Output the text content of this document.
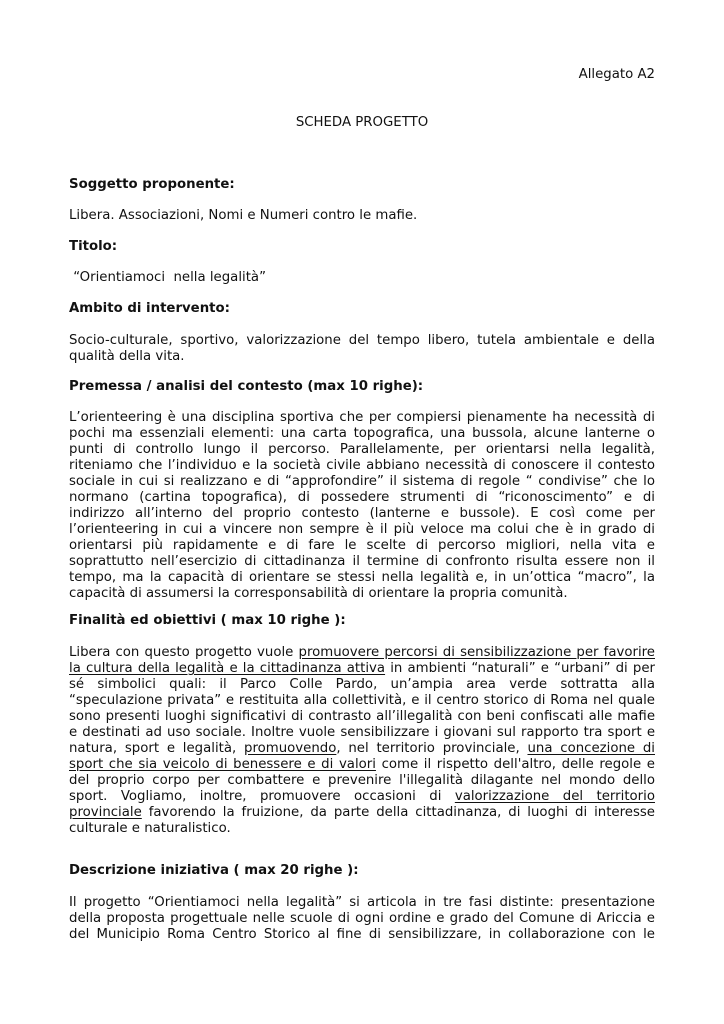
Allegato A2
SCHEDA PROGETTO
Soggetto proponente:
Libera. Associazioni, Nomi e Numeri contro le mafie.
Titolo:
“Orientiamoci  nella legalità”
Ambito di intervento:
Socio-culturale, sportivo, valorizzazione del tempo libero, tutela ambientale e della
qualità della vita.
Premessa / analisi del contesto (max 10 righe):
L’orienteering è una disciplina sportiva che per compiersi pienamente ha necessità di
pochi ma essenziali elementi: una carta topografica, una bussola, alcune lanterne o
punti di controllo lungo il percorso. Parallelamente, per orientarsi nella legalità,
riteniamo che l’individuo e la società civile abbiano necessità di conoscere il contesto
sociale in cui si realizzano e di “approfondire” il sistema di regole “ condivise” che lo
normano (cartina topografica), di possedere strumenti di “riconoscimento” e di
indirizzo all’interno del proprio contesto (lanterne e bussole). E così come per
l’orienteering in cui a vincere non sempre è il più veloce ma colui che è in grado di
orientarsi più rapidamente e di fare le scelte di percorso migliori, nella vita e
soprattutto nell’esercizio di cittadinanza il termine di confronto risulta essere non il
tempo, ma la capacità di orientare se stessi nella legalità e, in un’ottica “macro”, la
capacità di assumersi la corresponsabilità di orientare la propria comunità.
Finalità ed obiettivi ( max 10 righe ):
Libera con questo progetto vuole promuovere percorsi di sensibilizzazione per favorire
la cultura della legalità e la cittadinanza attiva in ambienti “naturali” e “urbani” di per
sé simbolici quali: il Parco Colle Pardo, un’ampia area verde sottratta alla
“speculazione privata” e restituita alla collettività, e il centro storico di Roma nel quale
sono presenti luoghi significativi di contrasto all’illegalità con beni confiscati alle mafie
e destinati ad uso sociale. Inoltre vuole sensibilizzare i giovani sul rapporto tra sport e
natura, sport e legalità, promuovendo, nel territorio provinciale, una concezione di
sport che sia veicolo di benessere e di valori come il rispetto dell'altro, delle regole e
del proprio corpo per combattere e prevenire l'illegalità dilagante nel mondo dello
sport. Vogliamo, inoltre, promuovere occasioni di valorizzazione del territorio
provinciale favorendo la fruizione, da parte della cittadinanza, di luoghi di interesse
culturale e naturalistico.
Descrizione iniziativa ( max 20 righe ):
Il progetto “Orientiamoci nella legalità” si articola in tre fasi distinte: presentazione
della proposta progettuale nelle scuole di ogni ordine e grado del Comune di Ariccia e
del Municipio Roma Centro Storico al fine di sensibilizzare, in collaborazione con le
